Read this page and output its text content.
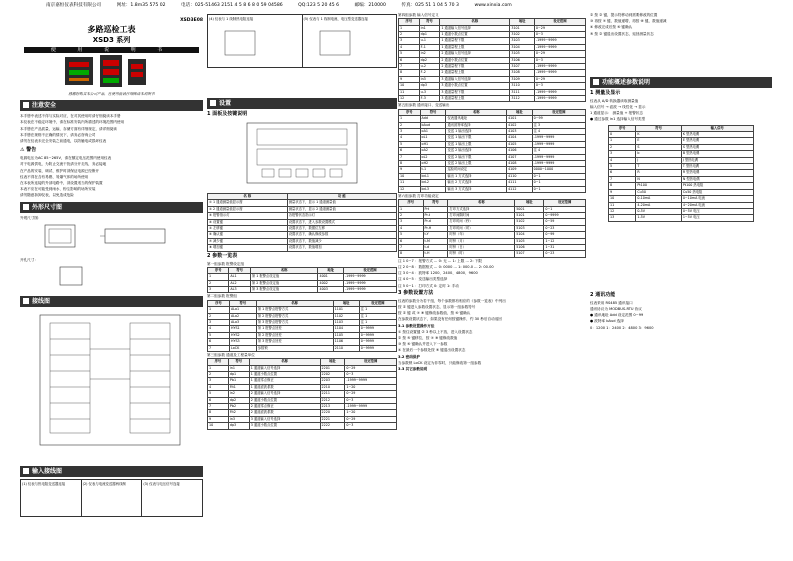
南京嘉恒仪表科技有限公司	网址：1.8m35 575 02	电话：025-51463 2151 4 5 8 6 8 0 59 04586	QQ:123 5 20 45 6	邮编：210000	传真：025 51 1 04 5 70 3	www.xinxia.com
XSD3E08
多路巡检工表
XSD3 系列
使 用 说 明 书

感谢您购买本公司产品，在使用前请仔细阅读本说明书

注意安全

本手册中表述不得与实际对应，在对其使用时请仔细阅读本手册

本仪表在不稳定环境中，请在标准安装内所描述的环境范围内使用

本手册在产品质量，运输，存储方面有详细规定，请详细阅读

本手册在规格不正确的情况下，请务必咨询公司

请勿在仪表未完全安装之前通电，以防触电或损坏仪表

⚠ 警告

电源电压为AC 85~265V，请在额定电压范围内使用仪表

对于电源供电，为防止交流干扰请分开走线，务必接地

在产品的安装、调试、维护时须保证电源已经断开

仪表不得在含有易燃、易爆气体的场所使用

在本表所连接的外部电路中，须设置适当的保护装置

本表不应在可能受到雨水、粉尘影响的场所安装

请勿随意拆卸仪表，以免造成危险

外形尺寸图

外观尺寸图：

开孔尺寸：

接线图
输入接线图
(1) 仪表与热电阻变送器连接	(2) 仪表与电流变送器两线制	(3) 仪表与电压信号连接
(4) 仪表与 1 线制热电阻连接	(5) 仪表与 1 线制电流、电压型变送器连接
设置

1 面板及按键说明

名 称	功 能
① 1 通道测量值显示窗	测量状态下，显示 1 通道测量值
② 2 通道测量值显示窗	测量状态下，显示 2 通道测量值
③ 报警指示灯	各报警状态指示灯
④ 设置键	设置状态下，进入参数设置模式
⑤ 左移键	设置状态下，数据位左移
⑥ 确认键	设置状态下，确认修改参数
⑦ 减少键	设置状态下，数值减少
⑧ 增加键	设置状态下，数值增加

2 参数一览表

第一组参数 报警设定组

序号	符号	名称	地址	设定范围
1	AL1	第 1 报警点设定值	4001	-1999~9999
2	AL2	第 2 报警点设定值	4002	-1999~9999
3	AL3	第 3 报警点设定值	4003	-1999~9999

第二组参数 报警组

序号	符号	名称	地址	设定范围
1	ALo1	第 1 报警点报警方式	1101	注 1
2	ALo2	第 2 报警点报警方式	1102	注 1
3	ALo3	第 3 报警点报警方式	1103	注 1
4	HYS1	第 1 报警点回差	1104	0~9999
5	HYS2	第 2 报警点回差	1105	0~9999
6	HYS3	第 3 报警点回差	1106	0~9999
7	LoCK	参数锁	2110	0~9999

第三组参数 通道及工程量单位

序号	符号	名称	地址	设定范围
1	in1	1 通道输入信号选择	2201	0~29
2	dp1	1 通道小数点位置	2202	0~3
3	Pb1	1 通道零点修正	2203	-1999~9999
4	Fit1	1 通道滤波系数	2210	1~20
5	in2	2 通道输入信号选择	2211	0~29
6	dp2	2 通道小数点位置	2212	0~3
7	Pb2	2 通道零点修正	2213	-1999~9999
8	Fit2	2 通道滤波系数	2220	1~20
9	in3	3 通道输入信号选择	2221	0~29
10	dp3	3 通道小数点位置	2222	0~3

第四组参数 输入信号定义

序号	符号	名称	地址	设定范围
1	in1	1 通道输入信号选择	3101	0~29
2	dp1	1 通道小数点位置	3102	0~3
3	u-1	1 通道量程下限	3103	-1999~9999
4	F-1	1 通道量程上限	3104	-1999~9999
5	in2	2 通道输入信号选择	3105	0~29
6	dp2	2 通道小数点位置	3106	0~3
7	u-2	2 通道量程下限	3107	-1999~9999
8	F-2	2 通道量程上限	3108	-1999~9999
9	in3	3 通道输入信号选择	3109	0~29
10	dp3	3 通道小数点位置	3110	0~3
11	u-3	3 通道量程下限	3111	-1999~9999
12	F-3	3 通道量程上限	3112	-1999~9999

第五组参数 通讯接口、变送输出

序号	符号	名称	地址	设定范围
1	Add	仪表通讯地址	4101	0~99
2	bAud	通讯波特率选择	4102	注 3
3	oA1	变送 1 输出选择	4103	注 4
4	oL1	变送 1 输出下限	4104	-1999~9999
5	oH1	变送 1 输出上限	4105	-1999~9999
6	oA2	变送 2 输出选择	4106	注 4
7	oL2	变送 2 输出下限	4107	-1999~9999
8	oH2	变送 2 输出上限	4108	-1999~9999
9	t-1	巡检时间设定	4109	0000~1000
10	bd-1	输出 1 方式选择	4110	0~1
11	bd-2	输出 2 方式选择	4111	0~1
12	bd-3	输出 3 方式选择	4112	0~1

第六组参数 打印功能设定

序号	符号	名称	地址	设定范围
1	Prt	打印方式选择	5001	0~1
2	Pr-t	打印间隔时间	5101	0~9999
3	Pr-d	打印时间（秒）	5102	0~59
4	Pr-H	打印时间（时）	5103	0~23
5	t-Y	时钟（年）	5104	0~99
6	t-M	时钟（月）	5105	1~12
7	t-d	时钟（日）	5106	1~31
8	t-H	时钟（时）	5107	0~23

注 1 0~7 ：报警方式 ... 0: 无 ... 1: 上限 ... 2: 下限

注 2 0~8 ：数据格式 ... 0: 0000 ... 1: 000.0 ... 2: 00.00

注 3 0~4 ：波特率 1200、2400、4800、9600

注 4 0~5 ：变送输出类型选择

注 5 0~1 ：打印方式 0: 定时 1: 手动

3 参数设置方法

仪表的参数分为若干组，每个参数都有相应的《参数一览表》中列出

按 ② 键进入参数设置状态，显示第一组参数符号

按 ② 键 或 ⑦ ⑧ 键修改参数值，按 ⑥ 键确认

在参数设置状态下，如果没有任何按键操作，约 30 秒后自动返回

3.1 参数设置操作方法

① 按住设置键 ② 3 秒以上不放，进入设置状态

② 按 ⑤ 键移位，按 ⑦ ⑧ 键修改数值

③ 按 ⑥ 键确认并进入下一参数

④ 在最后一个参数处按 ⑥ 键退出设置状态

3.2 密码保护

当参数锁 LoCK 设定为非零时，只能修改第一组参数

3.3 其它参数说明

② 按 ② 键，提示符移动到需要修改的位置

③ 再按 ⑦ 键，数值递增，再按 ⑧ 键，数值递减

④ 修改完成后按 ⑥ 键确认

⑤ 按 ② 键退出设置状态，返回测量状态

功能概述参数说明

1 测量及显示

仪表从 A/D 转换器读取测量值

输入信号 → 滤波 → 线性化 → 显示

1 通道显示： 测量值 + 报警状态

● 通过参数 in1 选择输入信号类型

序号	符号	输入信号
0	K	K 型热电偶
1	E	E 型热电偶
2	S	S 型热电偶
3	b	B 型热电偶
4	J	J 型热电偶
5	T	T 型热电偶
6	R	R 型热电偶
7	N	N 型热电偶
8	Pt100	Pt100 热电阻
9	Cu50	Cu50 热电阻
10	0-10mA	0~10mA 电流
11	4-20mA	4~20mA 电流
12	0-5V	0~5V 电压
13	1-5V	1~5V 电压

2 通讯功能

仪表采用 RS485 通讯接口

通讯协议为 MODBUS-RTU 协议

● 通讯地址 Add 设定范围 0~99

● 波特率 bAud 选择

0：1200 1：2400 2：4800 3：9600
